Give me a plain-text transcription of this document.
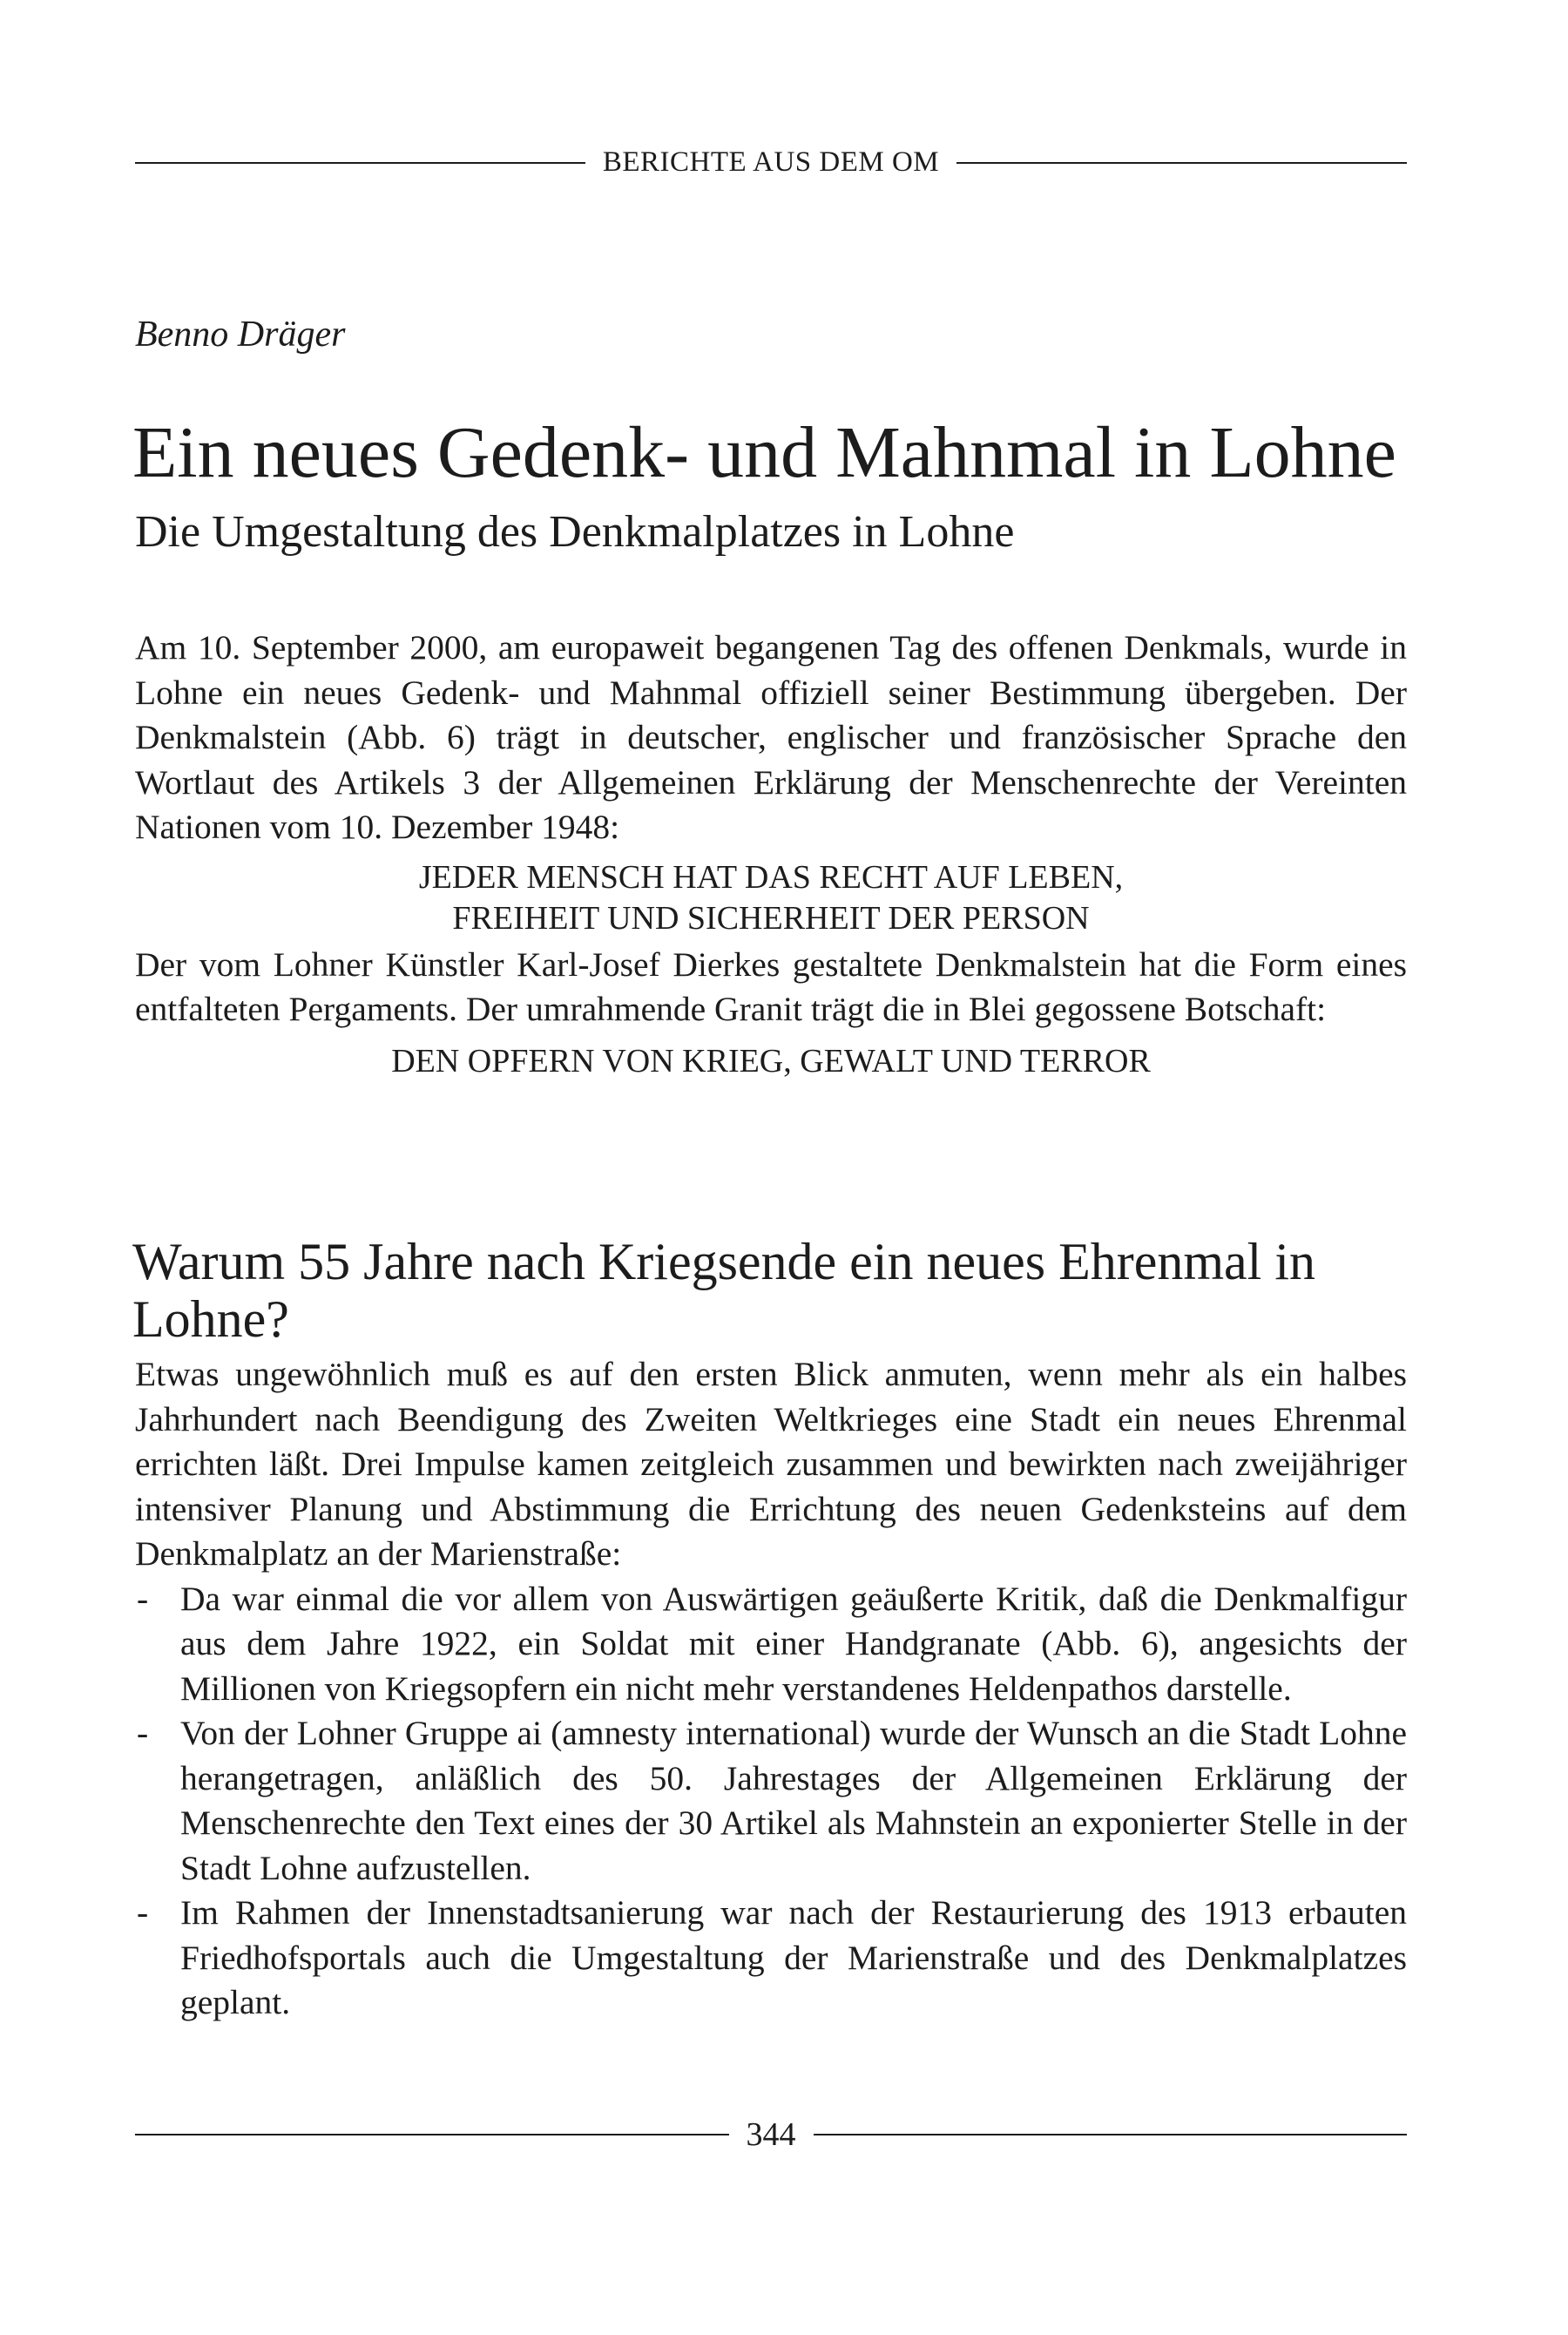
BERICHTE AUS DEM OM
Benno Dräger
Ein neues Gedenk- und Mahnmal in Lohne
Die Umgestaltung des Denkmalplatzes in Lohne

Am 10. September 2000, am europaweit begangenen Tag des offenen Denkmals, wurde in Lohne ein neues Gedenk- und Mahnmal offiziell seiner Bestimmung übergeben. Der Denkmalstein (Abb. 6) trägt in deutscher, englischer und französischer Sprache den Wortlaut des Artikels 3 der Allgemeinen Erklärung der Menschenrechte der Vereinten Nationen vom 10. Dezember 1948:

JEDER MENSCH HAT DAS RECHT AUF LEBEN,

FREIHEIT UND SICHERHEIT DER PERSON

Der vom Lohner Künstler Karl-Josef Dierkes gestaltete Denkmalstein hat die Form eines entfalteten Pergaments. Der umrahmende Granit trägt die in Blei gegossene Botschaft:

DEN OPFERN VON KRIEG, GEWALT UND TERROR

Warum 55 Jahre nach Kriegsende ein neues Ehrenmal in Lohne?

Etwas ungewöhnlich muß es auf den ersten Blick anmuten, wenn mehr als ein halbes Jahrhundert nach Beendigung des Zweiten Weltkrieges eine Stadt ein neues Ehrenmal errichten läßt. Drei Impulse kamen zeitgleich zusammen und bewirkten nach zweijähriger intensiver Planung und Abstimmung die Errichtung des neuen Gedenksteins auf dem Denkmalplatz an der Marienstraße:

- Da war einmal die vor allem von Auswärtigen geäußerte Kritik, daß die Denkmalfigur aus dem Jahre 1922, ein Soldat mit einer Handgranate (Abb. 6), angesichts der Millionen von Kriegsopfern ein nicht mehr verstandenes Heldenpathos darstelle.
- Von der Lohner Gruppe ai (amnesty international) wurde der Wunsch an die Stadt Lohne herangetragen, anläßlich des 50. Jahrestages der Allgemeinen Erklärung der Menschenrechte den Text eines der 30 Artikel als Mahnstein an exponierter Stelle in der Stadt Lohne aufzustellen.
- Im Rahmen der Innenstadtsanierung war nach der Restaurierung des 1913 erbauten Friedhofsportals auch die Umgestaltung der Marienstraße und des Denkmalplatzes geplant.
344
